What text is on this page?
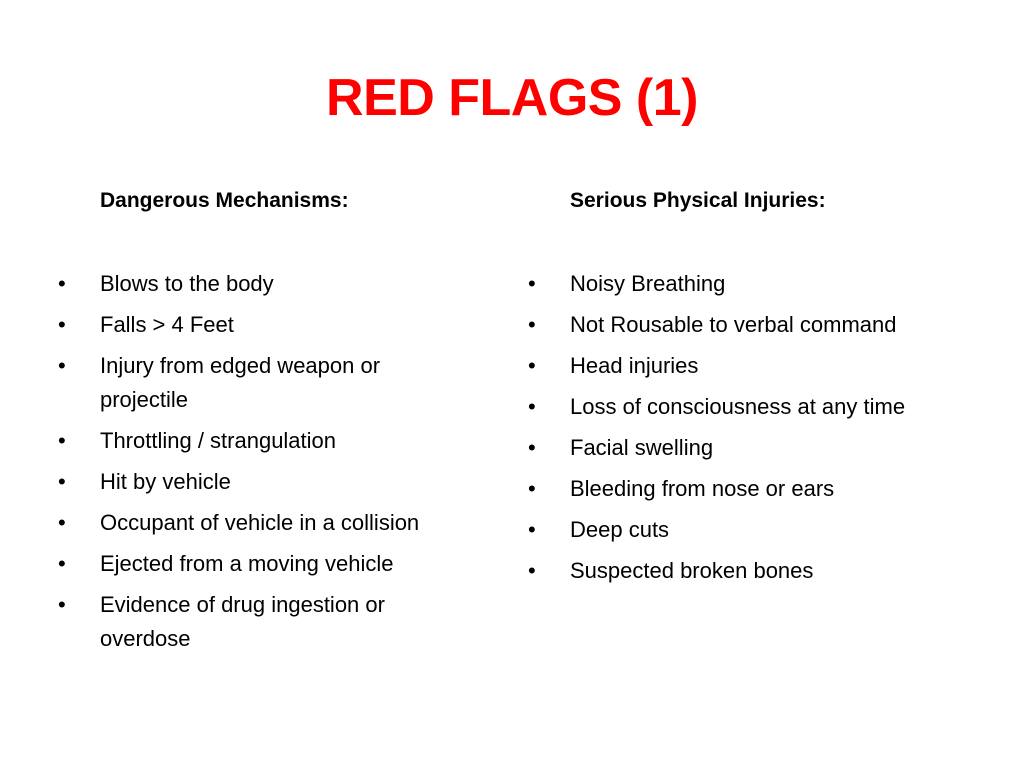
RED FLAGS (1)
Dangerous Mechanisms:
•	Blows to the body
•	Falls > 4 Feet
•	Injury from edged weapon or projectile
•	Throttling / strangulation
•	Hit by vehicle
•	Occupant of vehicle in a collision
•	Ejected from a moving vehicle
•	Evidence of drug ingestion or overdose
Serious Physical Injuries:
•	Noisy Breathing
•	Not Rousable to verbal command
•	Head injuries
•	Loss of consciousness at any time
•	Facial swelling
•	Bleeding from nose or ears
•	Deep cuts
•	Suspected broken bones
